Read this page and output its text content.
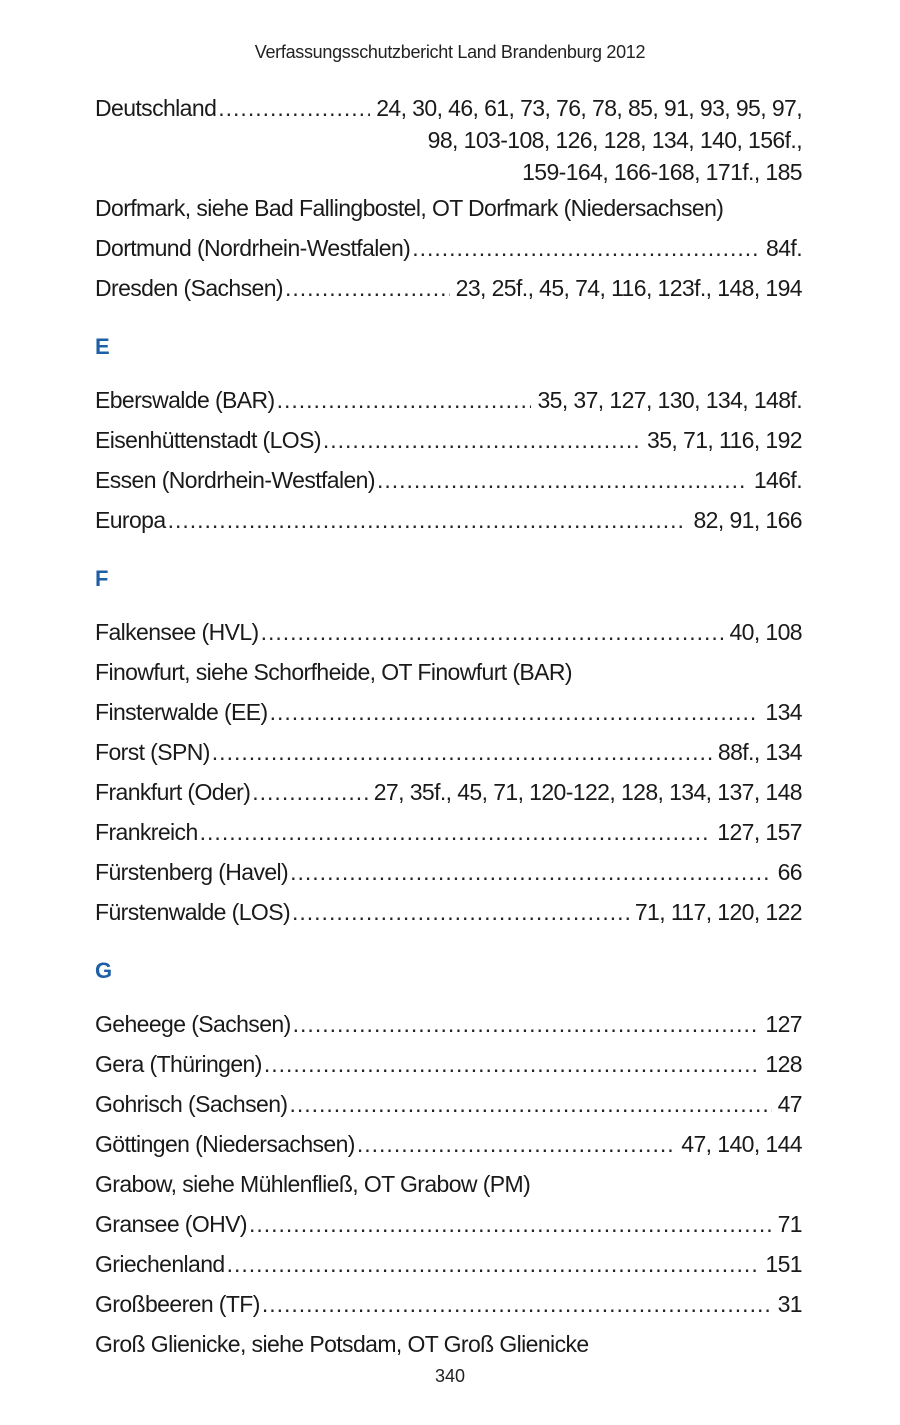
Verfassungsschutzbericht Land Brandenburg 2012
Deutschland .....	24, 30, 46, 61, 73, 76, 78, 85, 91, 93, 95, 97,
98, 103-108, 126, 128, 134, 140, 156f.,
159-164, 166-168, 171f., 185
Dorfmark, siehe Bad Fallingbostel, OT Dorfmark (Niedersachsen)
Dortmund (Nordrhein-Westfalen) .....	84f.
Dresden (Sachsen) .....	23, 25f., 45, 74, 116, 123f., 148, 194
E
Eberswalde (BAR) .....	35, 37, 127, 130, 134, 148f.
Eisenhüttenstadt (LOS) .....	35, 71, 116, 192
Essen (Nordrhein-Westfalen) .....	146f.
Europa .....	82, 91, 166
F
Falkensee (HVL) .....	40, 108
Finowfurt, siehe Schorfheide, OT Finowfurt (BAR)
Finsterwalde (EE) .....	134
Forst (SPN) .....	88f., 134
Frankfurt (Oder) .....	27, 35f., 45, 71, 120-122, 128, 134, 137, 148
Frankreich .....	127, 157
Fürstenberg (Havel) .....	66
Fürstenwalde (LOS) .....	71, 117, 120, 122
G
Geheege (Sachsen) .....	127
Gera (Thüringen) .....	128
Gohrisch (Sachsen) .....	47
Göttingen (Niedersachsen) .....	47, 140, 144
Grabow, siehe Mühlenfließ, OT Grabow (PM)
Gransee (OHV) .....	71
Griechenland .....	151
Großbeeren (TF) .....	31
Groß Glienicke, siehe Potsdam, OT Groß Glienicke
340
